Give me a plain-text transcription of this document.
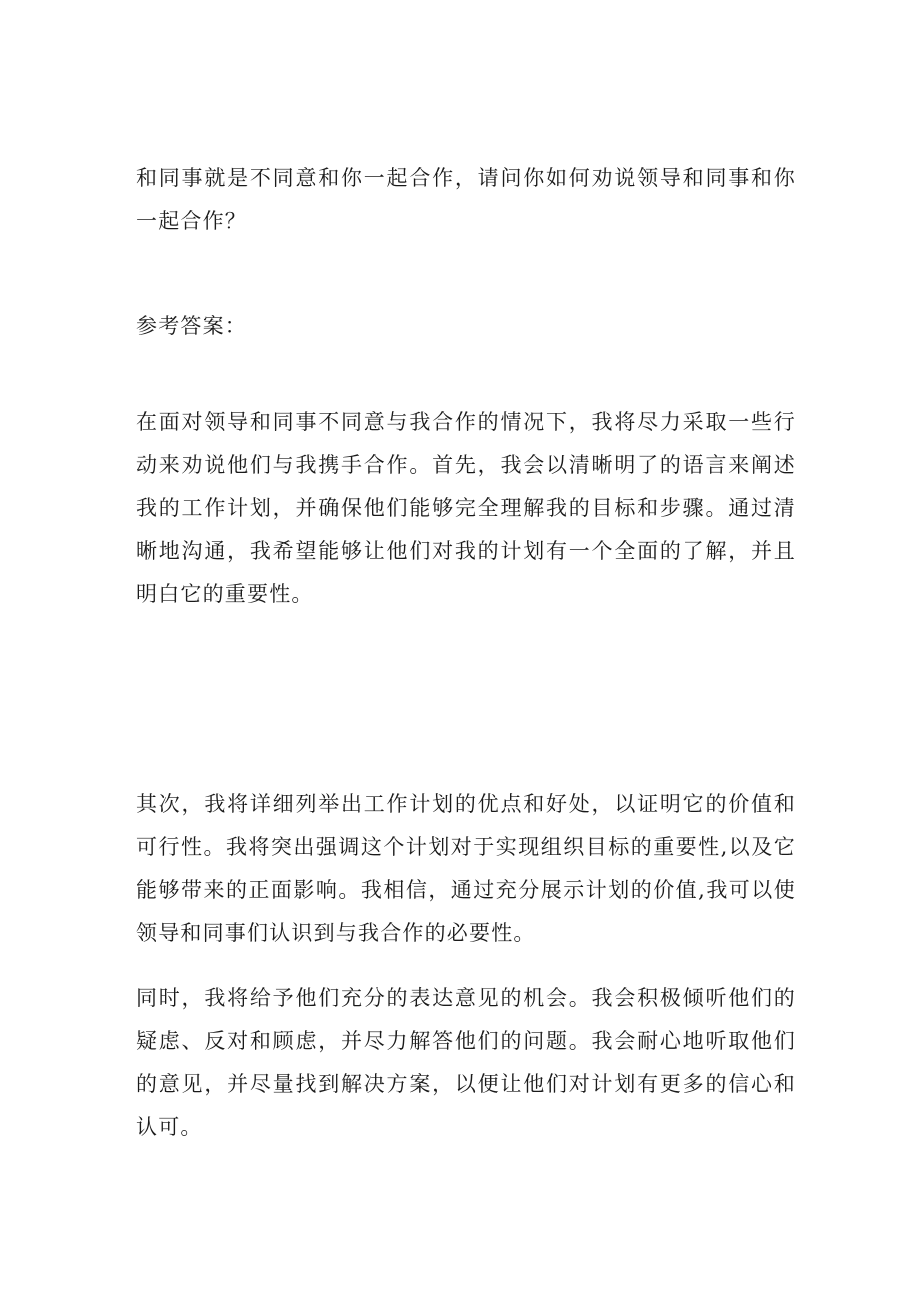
和同事就是不同意和你一起合作，请问你如何劝说领导和同事和你一起合作？

参考答案：

在面对领导和同事不同意与我合作的情况下，我将尽力采取一些行动来劝说他们与我携手合作。首先，我会以清晰明了的语言来阐述我的工作计划，并确保他们能够完全理解我的目标和步骤。通过清晰地沟通，我希望能够让他们对我的计划有一个全面的了解，并且明白它的重要性。

其次，我将详细列举出工作计划的优点和好处，以证明它的价值和可行性。我将突出强调这个计划对于实现组织目标的重要性,以及它能够带来的正面影响。我相信，通过充分展示计划的价值,我可以使领导和同事们认识到与我合作的必要性。

同时，我将给予他们充分的表达意见的机会。我会积极倾听他们的疑虑、反对和顾虑，并尽力解答他们的问题。我会耐心地听取他们的意见，并尽量找到解决方案，以便让他们对计划有更多的信心和认可。
